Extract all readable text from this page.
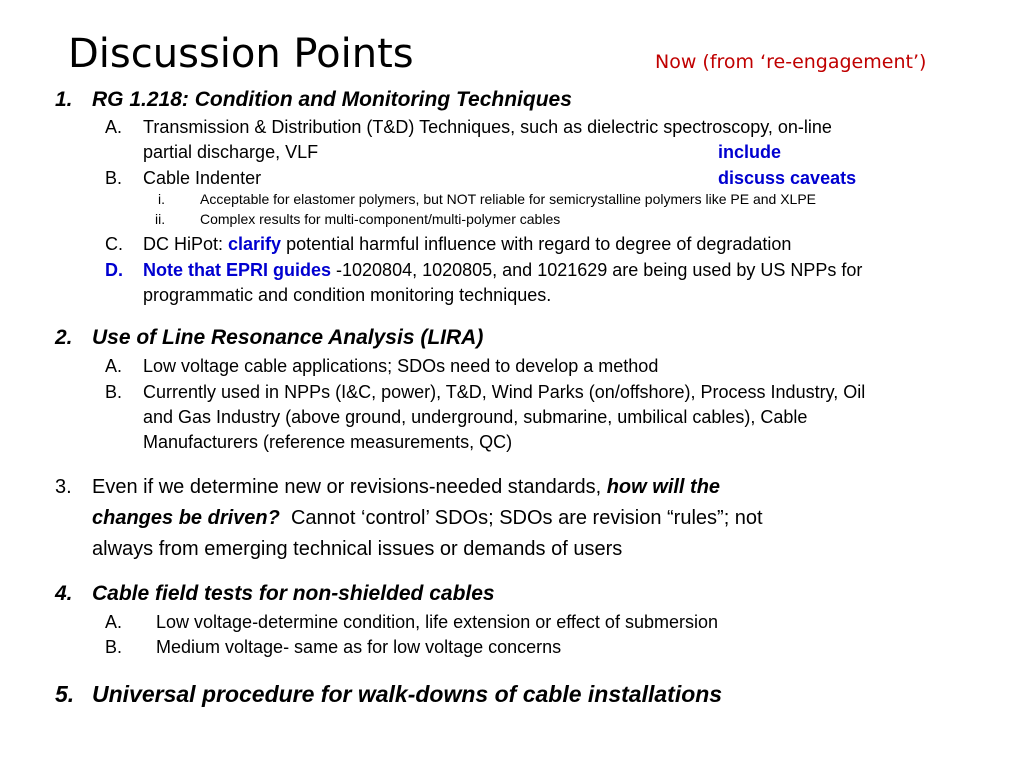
Discussion Points	Now (from ‘re-engagement’)
1. RG 1.218: Condition and Monitoring Techniques
A. Transmission & Distribution (T&D) Techniques, such as dielectric spectroscopy, on-line
partial discharge, VLF	include
B. Cable Indenter	discuss caveats
i.	Acceptable for elastomer polymers, but NOT reliable for semicrystalline polymers like PE and XLPE
ii. Complex results for multi-component/multi-polymer cables
C. DC HiPot: clarify potential harmful influence with regard to degree of degradation
D. Note that EPRI guides -1020804, 1020805, and 1021629 are being used by US NPPs for
programmatic and condition monitoring techniques.
2. Use of Line Resonance Analysis (LIRA)
A. Low voltage cable applications; SDOs need to develop a method
B. Currently used in NPPs (I&C, power), T&D, Wind Parks (on/offshore), Process Industry, Oil
and Gas Industry (above ground, underground, submarine, umbilical cables), Cable
Manufacturers (reference measurements, QC)
3. Even if we determine new or revisions-needed standards, how will the
changes be driven?  Cannot ‘control’ SDOs; SDOs are revision “rules”; not
always from emerging technical issues or demands of users
4. Cable field tests for non-shielded cables
A. Low voltage-determine condition, life extension or effect of submersion
B. Medium voltage- same as for low voltage concerns
5. Universal procedure for walk-downs of cable installations
